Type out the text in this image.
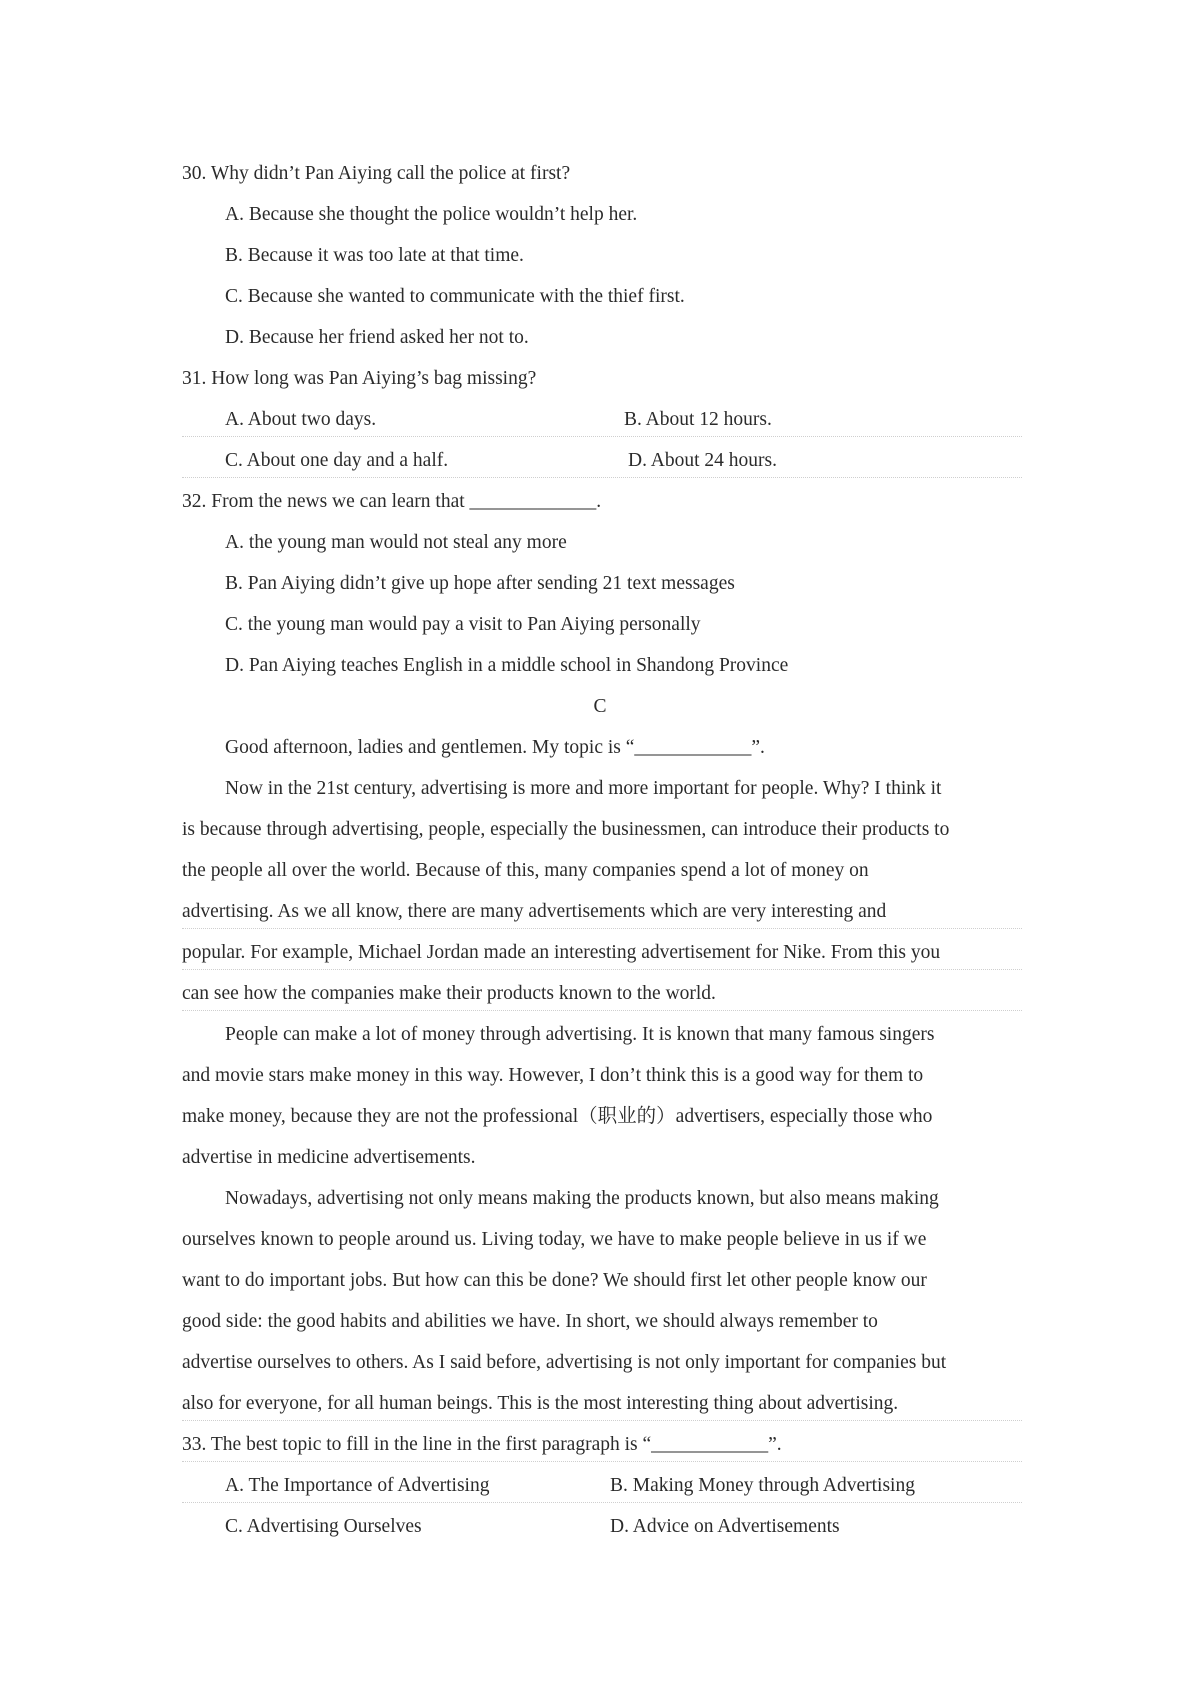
30. Why didn’t Pan Aiying call the police at first?
A. Because she thought the police wouldn’t help her.
B. Because it was too late at that time.
C. Because she wanted to communicate with the thief first.
D. Because her friend asked her not to.
31. How long was Pan Aiying’s bag missing?
A. About two days.	B. About 12 hours.
C. About one day and a half.	D. About 24 hours.
32. From the news we can learn that _____________.
A. the young man would not steal any more
B. Pan Aiying didn’t give up hope after sending 21 text messages
C. the young man would pay a visit to Pan Aiying personally
D. Pan Aiying teaches English in a middle school in Shandong Province
C
Good afternoon, ladies and gentlemen. My topic is “____________”.
Now in the 21st century, advertising is more and more important for people. Why? I think it
is because through advertising, people, especially the businessmen, can introduce their products to
the people all over the world. Because of this, many companies spend a lot of money on
advertising. As we all know, there are many advertisements which are very interesting and
popular. For example, Michael Jordan made an interesting advertisement for Nike. From this you
can see how the companies make their products known to the world.
People can make a lot of money through advertising. It is known that many famous singers
and movie stars make money in this way. However, I don’t think this is a good way for them to
make money, because they are not the professional（职业的）advertisers, especially those who
advertise in medicine advertisements.
Nowadays, advertising not only means making the products known, but also means making
ourselves known to people around us. Living today, we have to make people believe in us if we
want to do important jobs. But how can this be done? We should first let other people know our
good side: the good habits and abilities we have. In short, we should always remember to
advertise ourselves to others. As I said before, advertising is not only important for companies but
also for everyone, for all human beings. This is the most interesting thing about advertising.
33. The best topic to fill in the line in the first paragraph is “____________”.
A. The Importance of Advertising	B. Making Money through Advertising
C. Advertising Ourselves	D. Advice on Advertisements
